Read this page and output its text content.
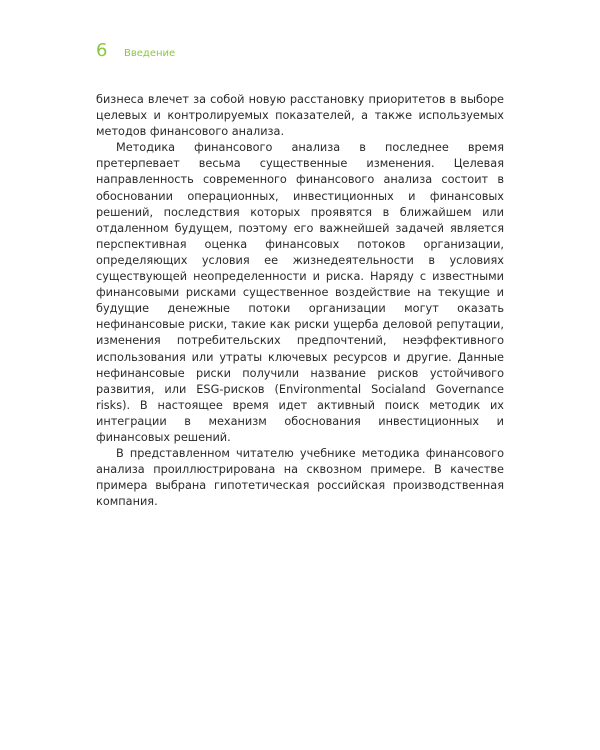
6	Введение

бизнеса влечет за собой новую расстановку приоритетов в выборе целевых и контролируемых показателей, а также используемых методов финансового анализа.

Методика финансового анализа в последнее время претерпевает весьма существенные изменения. Целевая направленность современного финансового анализа состоит в обосновании операционных, инвестиционных и финансовых решений, последствия которых проявятся в ближайшем или отдаленном будущем, поэтому его важнейшей задачей является перспективная оценка финансовых потоков организации, определяющих условия ее жизнедеятельности в условиях существующей неопределенности и риска. Наряду с известными финансовыми рисками существенное воздействие на текущие и будущие денежные потоки организации могут оказать нефинансовые риски, такие как риски ущерба деловой репутации, изменения потребительских предпочтений, неэффективного использования или утраты ключевых ресурсов и другие. Данные нефинансовые риски получили название рисков устойчивого развития, или ESG-рисков (Environmental Socialand Governance risks). В настоящее время идет активный поиск методик их интеграции в механизм обоснования инвестиционных и финансовых решений.

В представленном читателю учебнике методика финансового анализа проиллюстрирована на сквозном примере. В качестве примера выбрана гипотетическая российская производственная компания.
